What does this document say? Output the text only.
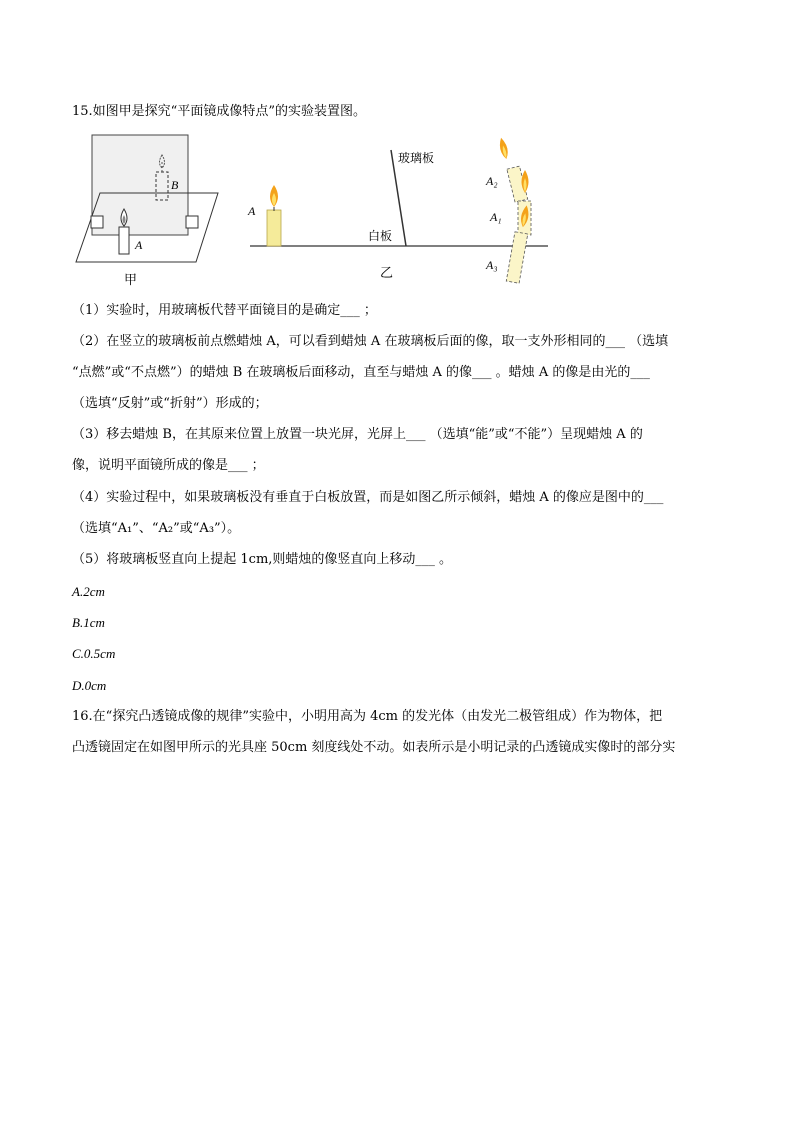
15.如图甲是探究“平面镜成像特点”的实验装置图。
B
A
甲
玻璃板
白板
乙
A
A₂
A₁
A₃
（1）实验时，用玻璃板代替平面镜目的是确定___ ；
（2）在竖立的玻璃板前点燃蜡烛 A，可以看到蜡烛 A 在玻璃板后面的像，取一支外形相同的___ （选填
“点燃”或“不点燃”）的蜡烛 B 在玻璃板后面移动，直至与蜡烛 A 的像___ 。蜡烛 A 的像是由光的___
（选填“反射”或“折射”）形成的；
（3）移去蜡烛 B，在其原来位置上放置一块光屏，光屏上___ （选填“能”或“不能”）呈现蜡烛 A 的
像，说明平面镜所成的像是___ ；
（4）实验过程中，如果玻璃板没有垂直于白板放置，而是如图乙所示倾斜，蜡烛 A 的像应是图中的___
（选填“A₁”、“A₂”或“A₃”）。
（5）将玻璃板竖直向上提起 1cm,则蜡烛的像竖直向上移动___ 。
A.2cm
B.1cm
C.0.5cm
D.0cm
16.在“探究凸透镜成像的规律”实验中，小明用高为 4cm 的发光体（由发光二极管组成）作为物体，把
凸透镜固定在如图甲所示的光具座 50cm 刻度线处不动。如表所示是小明记录的凸透镜成实像时的部分实
